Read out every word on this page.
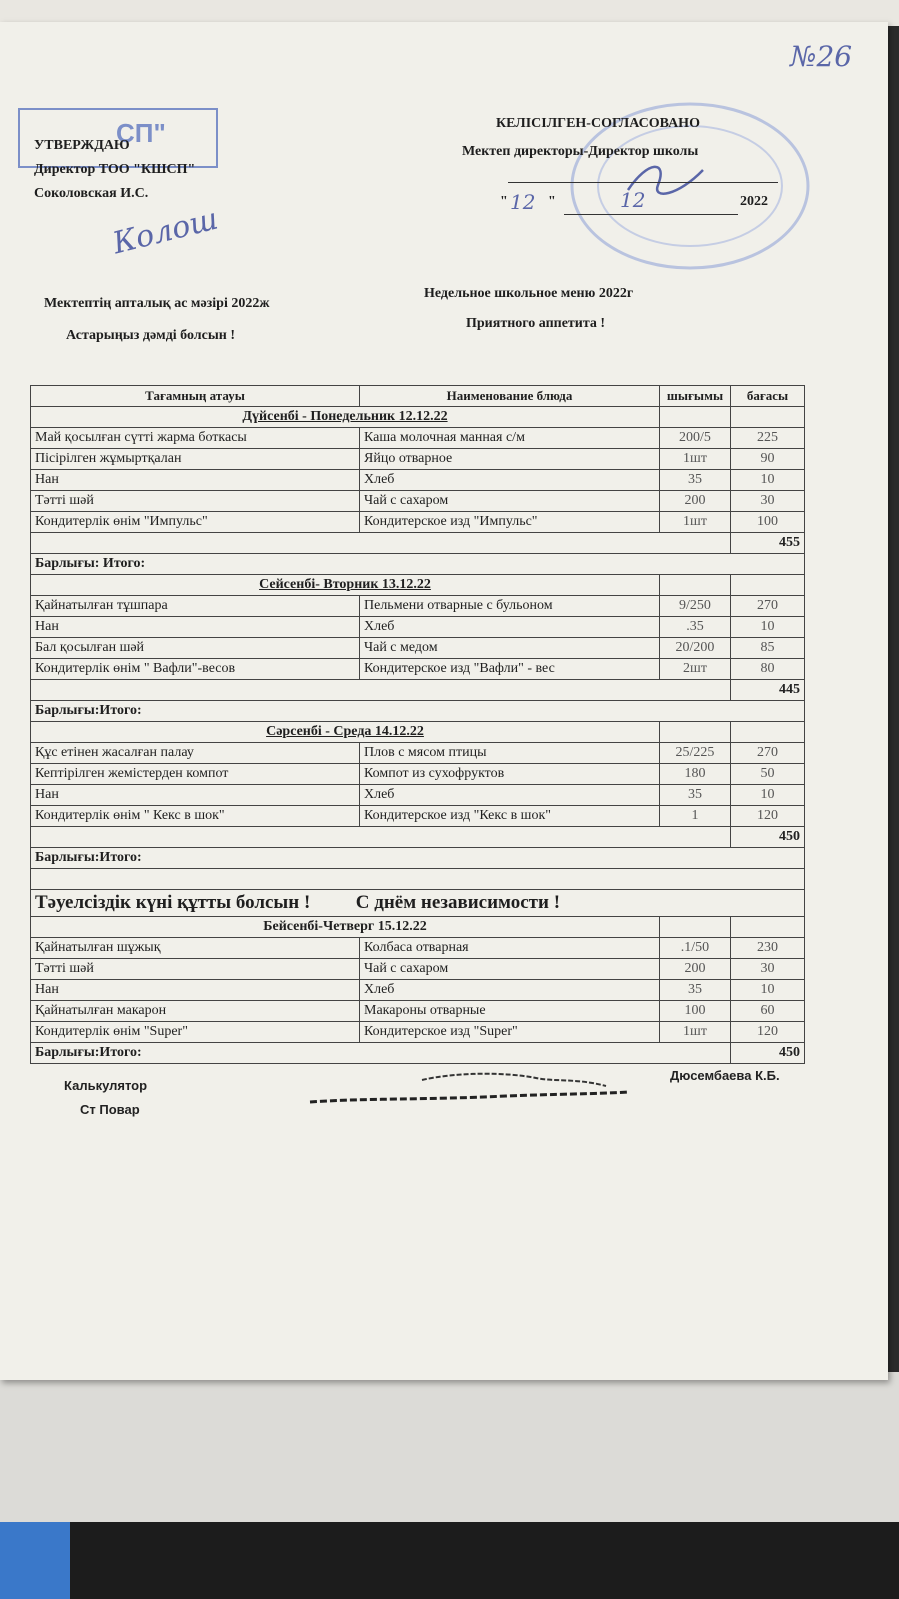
№26
СП"
УТВЕРЖДАЮ
Директор ТОО "КШСП"
Соколовская И.С.
Колош
КЕЛІСІЛГЕН-СОГЛАСОВАНО
Мектеп директоры-Директор школы
" 12 "	12	2022
Мектептің апталық ас мәзірі 2022ж
Астарыңыз дәмді болсын !
Недельное школьное меню 2022г
Приятного аппетита !
Тағамның атауы	Наименование блюда	шығымы	бағасы
Дүйсенбі - Понедельник 12.12.22			
Май қосылған сүтті жарма боткасы	Каша молочная манная с/м	200/5	225
Пісірілген жұмыртқалан	Яйцо отварное	1шт	90
Нан	Хлеб	35	10
Тәтті шәй	Чай с сахаром	200	30
Кондитерлік өнім "Импульс"	Кондитерское изд "Импульс"	1шт	100
			455
Барлығы: Итого:			
Сейсенбі- Вторник 13.12.22			
Қайнатылған тұшпара	Пельмени отварные с бульоном	9/250	270
Нан	Хлеб	.35	10
Бал қосылған шәй	Чай с медом	20/200	85
Кондитерлік өнім " Вафли"-весов	Кондитерское изд "Вафли" - вес	2шт	80
			445
Барлығы:Итого:			
Сәрсенбі - Среда 14.12.22			
Құс етінен жасалған палау	Плов с мясом птицы	25/225	270
Кептірілген жемістерден компот	Компот из сухофруктов	180	50
Нан	Хлеб	35	10
Кондитерлік өнім " Кекс в шок"	Кондитерское изд "Кекс в шок"	1	120
			450
Барлығы:Итого:			

Тәуелсіздік күні құтты болсын ! С днём независимости !			
Бейсенбі-Четверг 15.12.22			
Қайнатылған шұжық	Колбаса отварная	.1/50	230
Тәтті шәй	Чай с сахаром	200	30
Нан	Хлеб	35	10
Қайнатылған макарон	Макароны отварные	100	60
Кондитерлік өнім "Super"	Кондитерское изд "Super"	1шт	120
Барлығы:Итого:			450
Калькулятор
Ст Повар
Дюсембаева К.Б.
